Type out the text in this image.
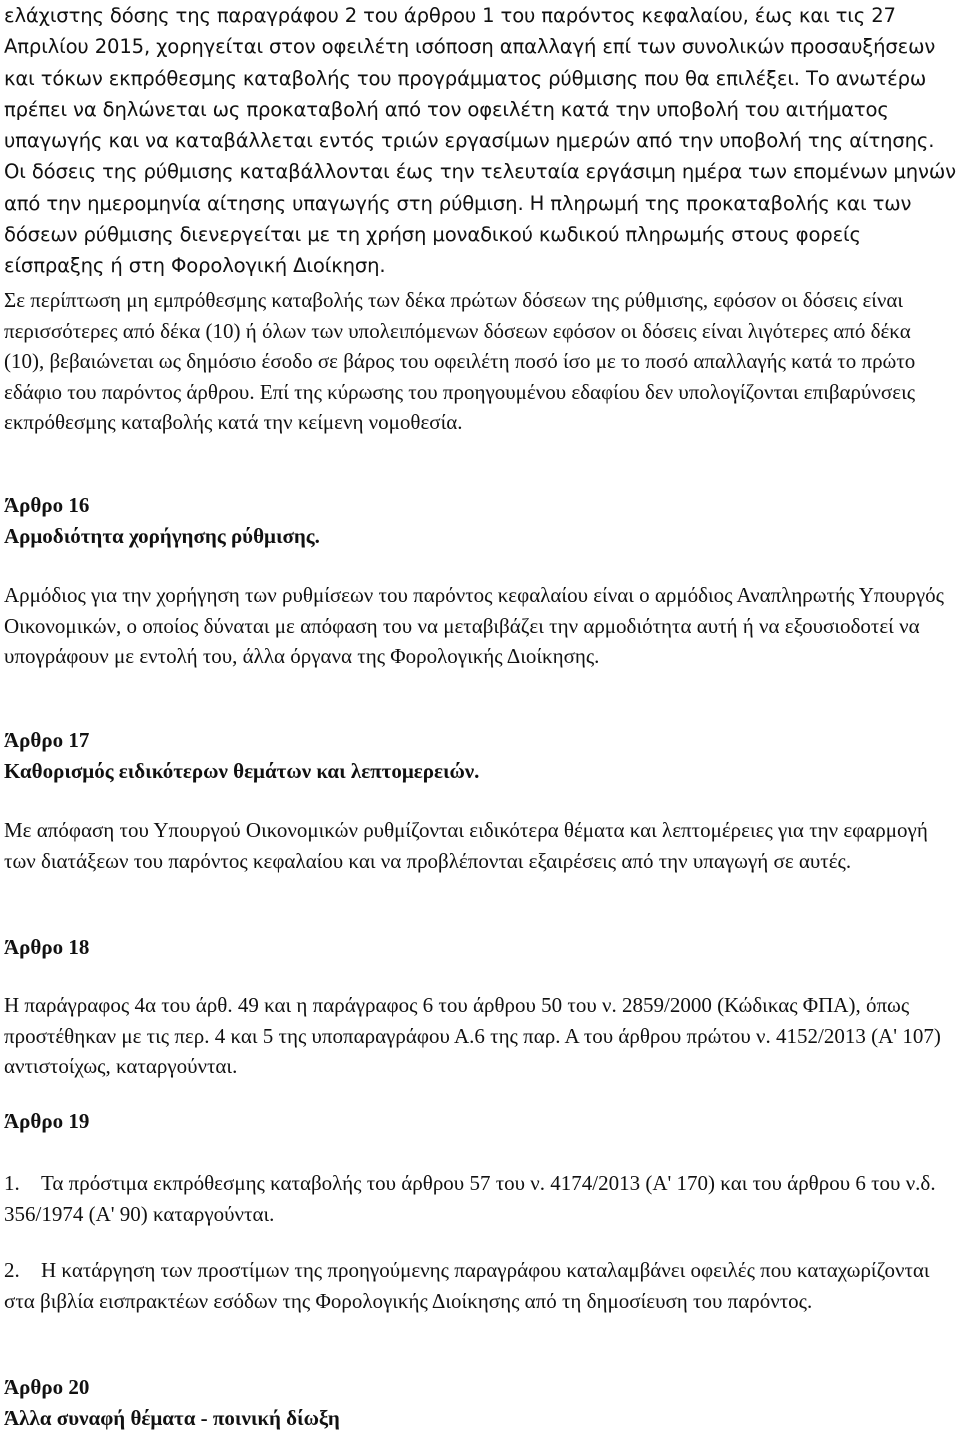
ελάχιστης δόσης της παραγράφου 2 του άρθρου 1 του παρόντος κεφαλαίου, έως και τις 27 Απριλίου 2015, χορηγείται στον οφειλέτη ισόποση απαλλαγή επί των συνολικών προσαυξήσεων και τόκων εκπρόθεσμης καταβολής του προγράμματος ρύθμισης που θα επιλέξει. Το ανωτέρω πρέπει να δηλώνεται ως προκαταβολή από τον οφειλέτη κατά την υποβολή του αιτήματος υπαγωγής και να καταβάλλεται εντός τριών εργασίμων ημερών από την υποβολή της αίτησης. Οι δόσεις της ρύθμισης καταβάλλονται έως την τελευταία εργάσιμη ημέρα των επομένων μηνών από την ημερομηνία αίτησης υπαγωγής στη ρύθμιση. Η πληρωμή της προκαταβολής και των δόσεων ρύθμισης διενεργείται με τη χρήση μοναδικού κωδικού πληρωμής στους φορείς είσπραξης ή στη Φορολογική Διοίκηση.

Σε περίπτωση μη εμπρόθεσμης καταβολής των δέκα πρώτων δόσεων της ρύθμισης, εφόσον οι δόσεις είναι περισσότερες από δέκα (10) ή όλων των υπολειπόμενων δόσεων εφόσον οι δόσεις είναι λιγότερες από δέκα (10), βεβαιώνεται ως δημόσιο έσοδο σε βάρος του οφειλέτη ποσό ίσο με το ποσό απαλλαγής κατά το πρώτο εδάφιο του παρόντος άρθρου. Επί της κύρωσης του προηγουμένου εδαφίου δεν υπολογίζονται επιβαρύνσεις εκπρόθεσμης καταβολής κατά την κείμενη νομοθεσία.

Άρθρο 16
Αρμοδιότητα χορήγησης ρύθμισης.

Αρμόδιος για την χορήγηση των ρυθμίσεων του παρόντος κεφαλαίου είναι ο αρμόδιος Αναπληρωτής Υπουργός Οικονομικών, ο οποίος δύναται με απόφαση του να μεταβιβάζει την αρμοδιότητα αυτή ή να εξουσιοδοτεί να υπογράφουν με εντολή του, άλλα όργανα της Φορολογικής Διοίκησης.

Άρθρο 17
Καθορισμός ειδικότερων θεμάτων και λεπτομερειών.

Με απόφαση του Υπουργού Οικονομικών ρυθμίζονται ειδικότερα θέματα και λεπτομέρειες για την εφαρμογή των διατάξεων του παρόντος κεφαλαίου και να προβλέπονται εξαιρέσεις από την υπαγωγή σε αυτές.

Άρθρο 18

Η παράγραφος 4α του άρθ. 49 και η παράγραφος 6 του άρθρου 50 του ν. 2859/2000 (Κώδικας ΦΠΑ), όπως προστέθηκαν με τις περ. 4 και 5 της υποπαραγράφου Α.6 της παρ. Α του άρθρου πρώτου ν. 4152/2013 (Α' 107) αντιστοίχως, καταργούνται.

Άρθρο 19

1. Τα πρόστιμα εκπρόθεσμης καταβολής του άρθρου 57 του ν. 4174/2013 (Α' 170) και του άρθρου 6 του ν.δ. 356/1974 (Α' 90) καταργούνται.

2. Η κατάργηση των προστίμων της προηγούμενης παραγράφου καταλαμβάνει οφειλές που καταχωρίζονται στα βιβλία εισπρακτέων εσόδων της Φορολογικής Διοίκησης από τη δημοσίευση του παρόντος.

Άρθρο 20
Άλλα συναφή θέματα - ποινική δίωξη
